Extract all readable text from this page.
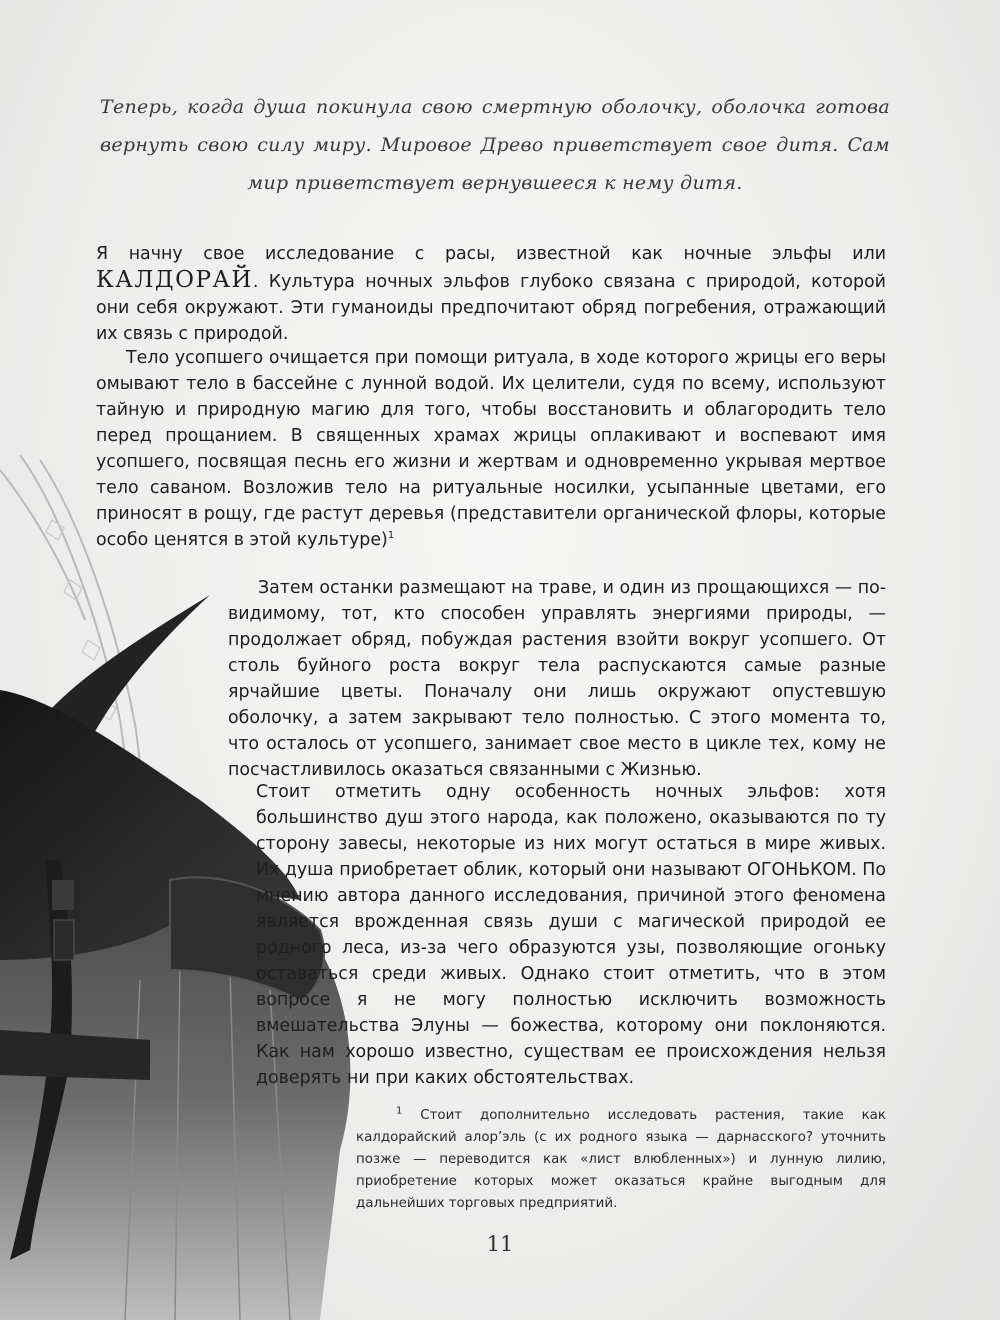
Теперь, когда душа покинула свою смертную оболочку, оболочка готова вернуть свою силу миру. Мировое Древо приветствует свое дитя. Сам мир приветствует вернувшееся к нему дитя.

Я начну свое исследование с расы, известной как ночные эльфы или КАЛДОРАЙ. Культура ночных эльфов глубоко связана с природой, которой они себя окружают. Эти гуманоиды предпочитают обряд погребения, отражающий их связь с природой.

Тело усопшего очищается при помощи ритуала, в ходе которого жрицы его веры омывают тело в бассейне с лунной водой. Их целители, судя по всему, используют тайную и природную магию для того, чтобы восстановить и облагородить тело перед прощанием. В священных храмах жрицы оплакивают и воспевают имя усопшего, посвящая песнь его жизни и жертвам и одновременно укрывая мертвое тело саваном. Возложив тело на ритуальные носилки, усыпанные цветами, его приносят в рощу, где растут деревья (представители органической флоры, которые особо ценятся в этой культуре)$^1$

Затем останки размещают на траве, и один из прощающихся — по-видимому, тот, кто способен управлять энергиями природы, — продолжает обряд, побуждая растения взойти вокруг усопшего. От столь буйного роста вокруг тела распускаются самые разные ярчайшие цветы. Поначалу они лишь окружают опустевшую оболочку, а затем закрывают тело полностью. С этого момента то, что осталось от усопшего, занимает свое место в цикле тех, кому не посчастливилось оказаться связанными с Жизнью.

Стоит отметить одну особенность ночных эльфов: хотя большинство душ этого народа, как положено, оказываются по ту сторону завесы, некоторые из них могут остаться в мире живых. Их душа приобретает облик, который они называют ОГОНЬКОМ. По мнению автора данного исследования, причиной этого феномена является врожденная связь души с магической природой ее родного леса, из-за чего образуются узы, позволяющие огоньку оставаться среди живых. Однако стоит отметить, что в этом вопросе я не могу полностью исключить возможность вмешательства Элуны — божества, которому они поклоняются. Как нам хорошо известно, существам ее происхождения нельзя доверять ни при каких обстоятельствах.

$^1$ Стоит дополнительно исследовать растения, такие как калдорайский алор’эль (с их родного языка — дарнасского? уточнить позже — переводится как «лист влюбленных») и лунную лилию, приобретение которых может оказаться крайне выгодным для дальнейших торговых предприятий.

11
